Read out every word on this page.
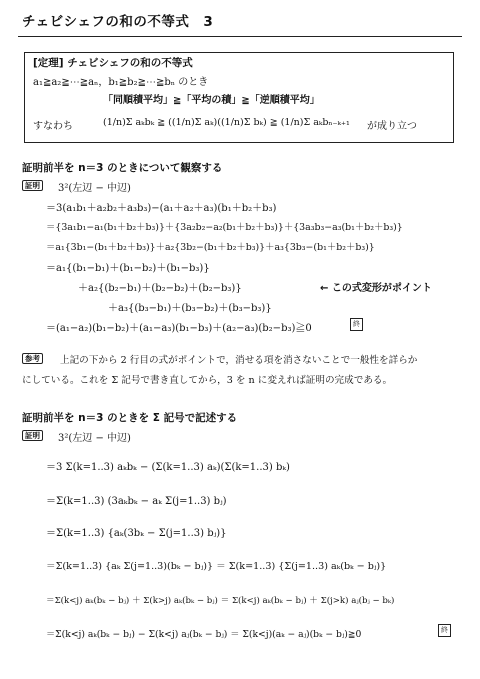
チェビシェフの和の不等式　3
[定理] チェビシェフの和の不等式
a₁≧a₂≧⋯≧aₙ，b₁≧b₂≧⋯≧bₙ のとき
「同順積平均」≧「平均の積」≧「逆順積平均」
すなわち	(1/n)Σ aₖbₖ ≧ ((1/n)Σ aₖ)((1/n)Σ bₖ) ≧ (1/n)Σ aₖbₙ₋ₖ₊₁ が成り立つ
証明前半を n＝3 のときについて観察する
証明	3²(左辺 − 中辺)
＝3(a₁b₁＋a₂b₂＋a₃b₃)−(a₁＋a₂＋a₃)(b₁＋b₂＋b₃)
＝{3a₁b₁−a₁(b₁＋b₂＋b₃)}＋{3a₂b₂−a₂(b₁＋b₂＋b₃)}＋{3a₃b₃−a₃(b₁＋b₂＋b₃)}
＝a₁{3b₁−(b₁＋b₂＋b₃)}＋a₂{3b₂−(b₁＋b₂＋b₃)}＋a₃{3b₃−(b₁＋b₂＋b₃)}
＝a₁{(b₁−b₁)＋(b₁−b₂)＋(b₁−b₃)}
＋a₂{(b₂−b₁)＋(b₂−b₂)＋(b₂−b₃)}	← この式変形がポイント
＋a₃{(b₃−b₁)＋(b₃−b₂)＋(b₃−b₃)}
＝(a₁−a₂)(b₁−b₂)＋(a₁−a₃)(b₁−b₃)＋(a₂−a₃)(b₂−b₃)≧0	終
参考	上記の下から 2 行目の式がポイントで，消せる項を消さないことで一般性を詳らか
にしている。これを Σ 記号で書き直してから，3 を n に変えれば証明の完成である。
証明前半を n＝3 のときを Σ 記号で記述する
証明	3²(左辺 − 中辺)
＝3 Σ(k=1..3) aₖbₖ − (Σ(k=1..3) aₖ)(Σ(k=1..3) bₖ)
＝Σ(k=1..3) (3aₖbₖ − aₖ Σ(j=1..3) bⱼ)
＝Σ(k=1..3) {aₖ(3bₖ − Σ(j=1..3) bⱼ)}
＝Σ(k=1..3) {aₖ Σ(j=1..3)(bₖ − bⱼ)} ＝ Σ(k=1..3) {Σ(j=1..3) aₖ(bₖ − bⱼ)}
＝Σ(k<j) aₖ(bₖ − bⱼ) ＋ Σ(k>j) aₖ(bₖ − bⱼ) ＝ Σ(k<j) aₖ(bₖ − bⱼ) ＋ Σ(j>k) aⱼ(bⱼ − bₖ)
＝Σ(k<j) aₖ(bₖ − bⱼ) − Σ(k<j) aⱼ(bₖ − bⱼ) ＝ Σ(k<j)(aₖ − aⱼ)(bₖ − bⱼ)≧0	終
